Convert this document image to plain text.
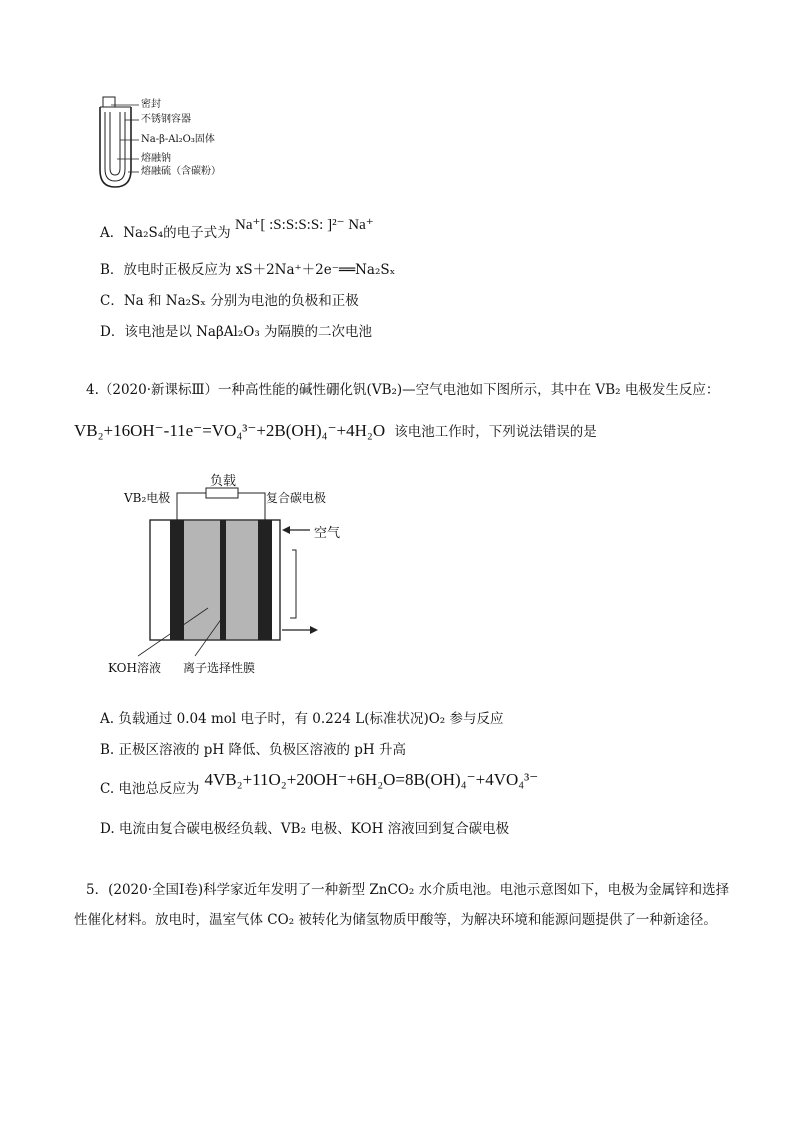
密封
不锈钢容器
Na-β-Al₂O₃固体
熔融钠
熔融硫（含碳粉）
A．Na₂S₄的电子式为 Na⁺[ :S:S:S:S: ]²⁻ Na⁺
B．放电时正极反应为 xS＋2Na⁺＋2e⁻══Na₂Sₓ
C．Na 和 Na₂Sₓ 分别为电池的负极和正极
D．该电池是以 NaβAl₂O₃ 为隔膜的二次电池
4.（2020·新课标Ⅲ）一种高性能的碱性硼化钒(VB₂)—空气电池如下图所示，其中在 VB₂ 电极发生反应：
VB₂+16OH⁻-11e⁻=VO₄³⁻+2B(OH)₄⁻+4H₂O 该电池工作时，下列说法错误的是
负载
VB₂电极	复合碳电极
空气
KOH溶液 离子选择性膜
A. 负载通过 0.04 mol 电子时，有 0.224 L(标准状况)O₂ 参与反应
B. 正极区溶液的 pH 降低、负极区溶液的 pH 升高
$_{C. 电池总反应为}$ 4VB₂+11O₂+20OH⁻+6H₂O=8B(OH)₄⁻+4VO₄³⁻
D. 电流由复合碳电极经负载、VB₂ 电极、KOH 溶液回到复合碳电极
5．(2020·全国Ⅰ卷)科学家近年发明了一种新型 ZnCO₂ 水介质电池。电池示意图如下，电极为金属锌和选择
性催化材料。放电时，温室气体 CO₂ 被转化为储氢物质甲酸等，为解决环境和能源问题提供了一种新途径。
